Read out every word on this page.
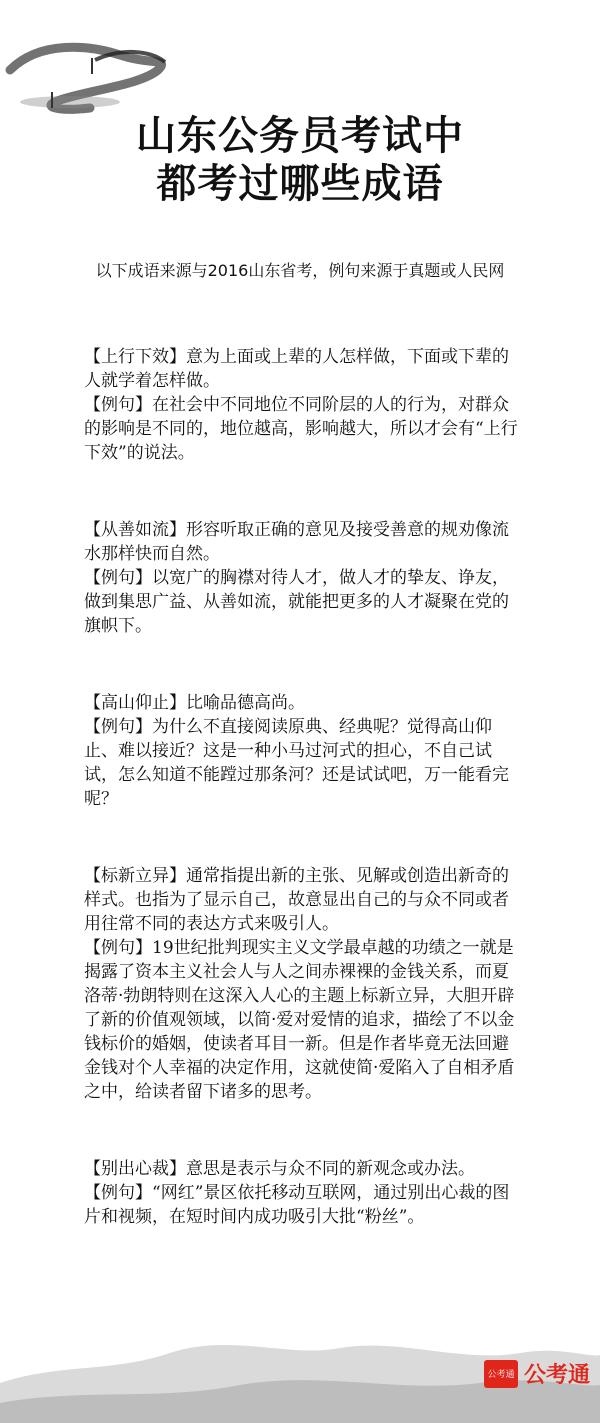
山东公务员考试中
都考过哪些成语
以下成语来源与2016山东省考，例句来源于真题或人民网

【上行下效】意为上面或上辈的人怎样做，下面或下辈的人就学着怎样做。

【例句】在社会中不同地位不同阶层的人的行为，对群众的影响是不同的，地位越高，影响越大，所以才会有“上行下效”的说法。

【从善如流】形容听取正确的意见及接受善意的规劝像流水那样快而自然。

【例句】以宽广的胸襟对待人才，做人才的挚友、诤友，做到集思广益、从善如流，就能把更多的人才凝聚在党的旗帜下。

【高山仰止】比喻品德高尚。

【例句】为什么不直接阅读原典、经典呢？觉得高山仰止、难以接近？这是一种小马过河式的担心，不自己试试，怎么知道不能蹚过那条河？还是试试吧，万一能看完呢？

【标新立异】通常指提出新的主张、见解或创造出新奇的样式。也指为了显示自己，故意显出自己的与众不同或者用往常不同的表达方式来吸引人。

【例句】19世纪批判现实主义文学最卓越的功绩之一就是揭露了资本主义社会人与人之间赤裸裸的金钱关系，而夏洛蒂·勃朗特则在这深入人心的主题上标新立异，大胆开辟了新的价值观领域，以简·爱对爱情的追求，描绘了不以金钱标价的婚姻，使读者耳目一新。但是作者毕竟无法回避金钱对个人幸福的决定作用，这就使简·爱陷入了自相矛盾之中，给读者留下诸多的思考。

【别出心裁】意思是表示与众不同的新观念或办法。

【例句】“网红”景区依托移动互联网，通过别出心裁的图片和视频，在短时间内成功吸引大批“粉丝”。

公考通 公考通
